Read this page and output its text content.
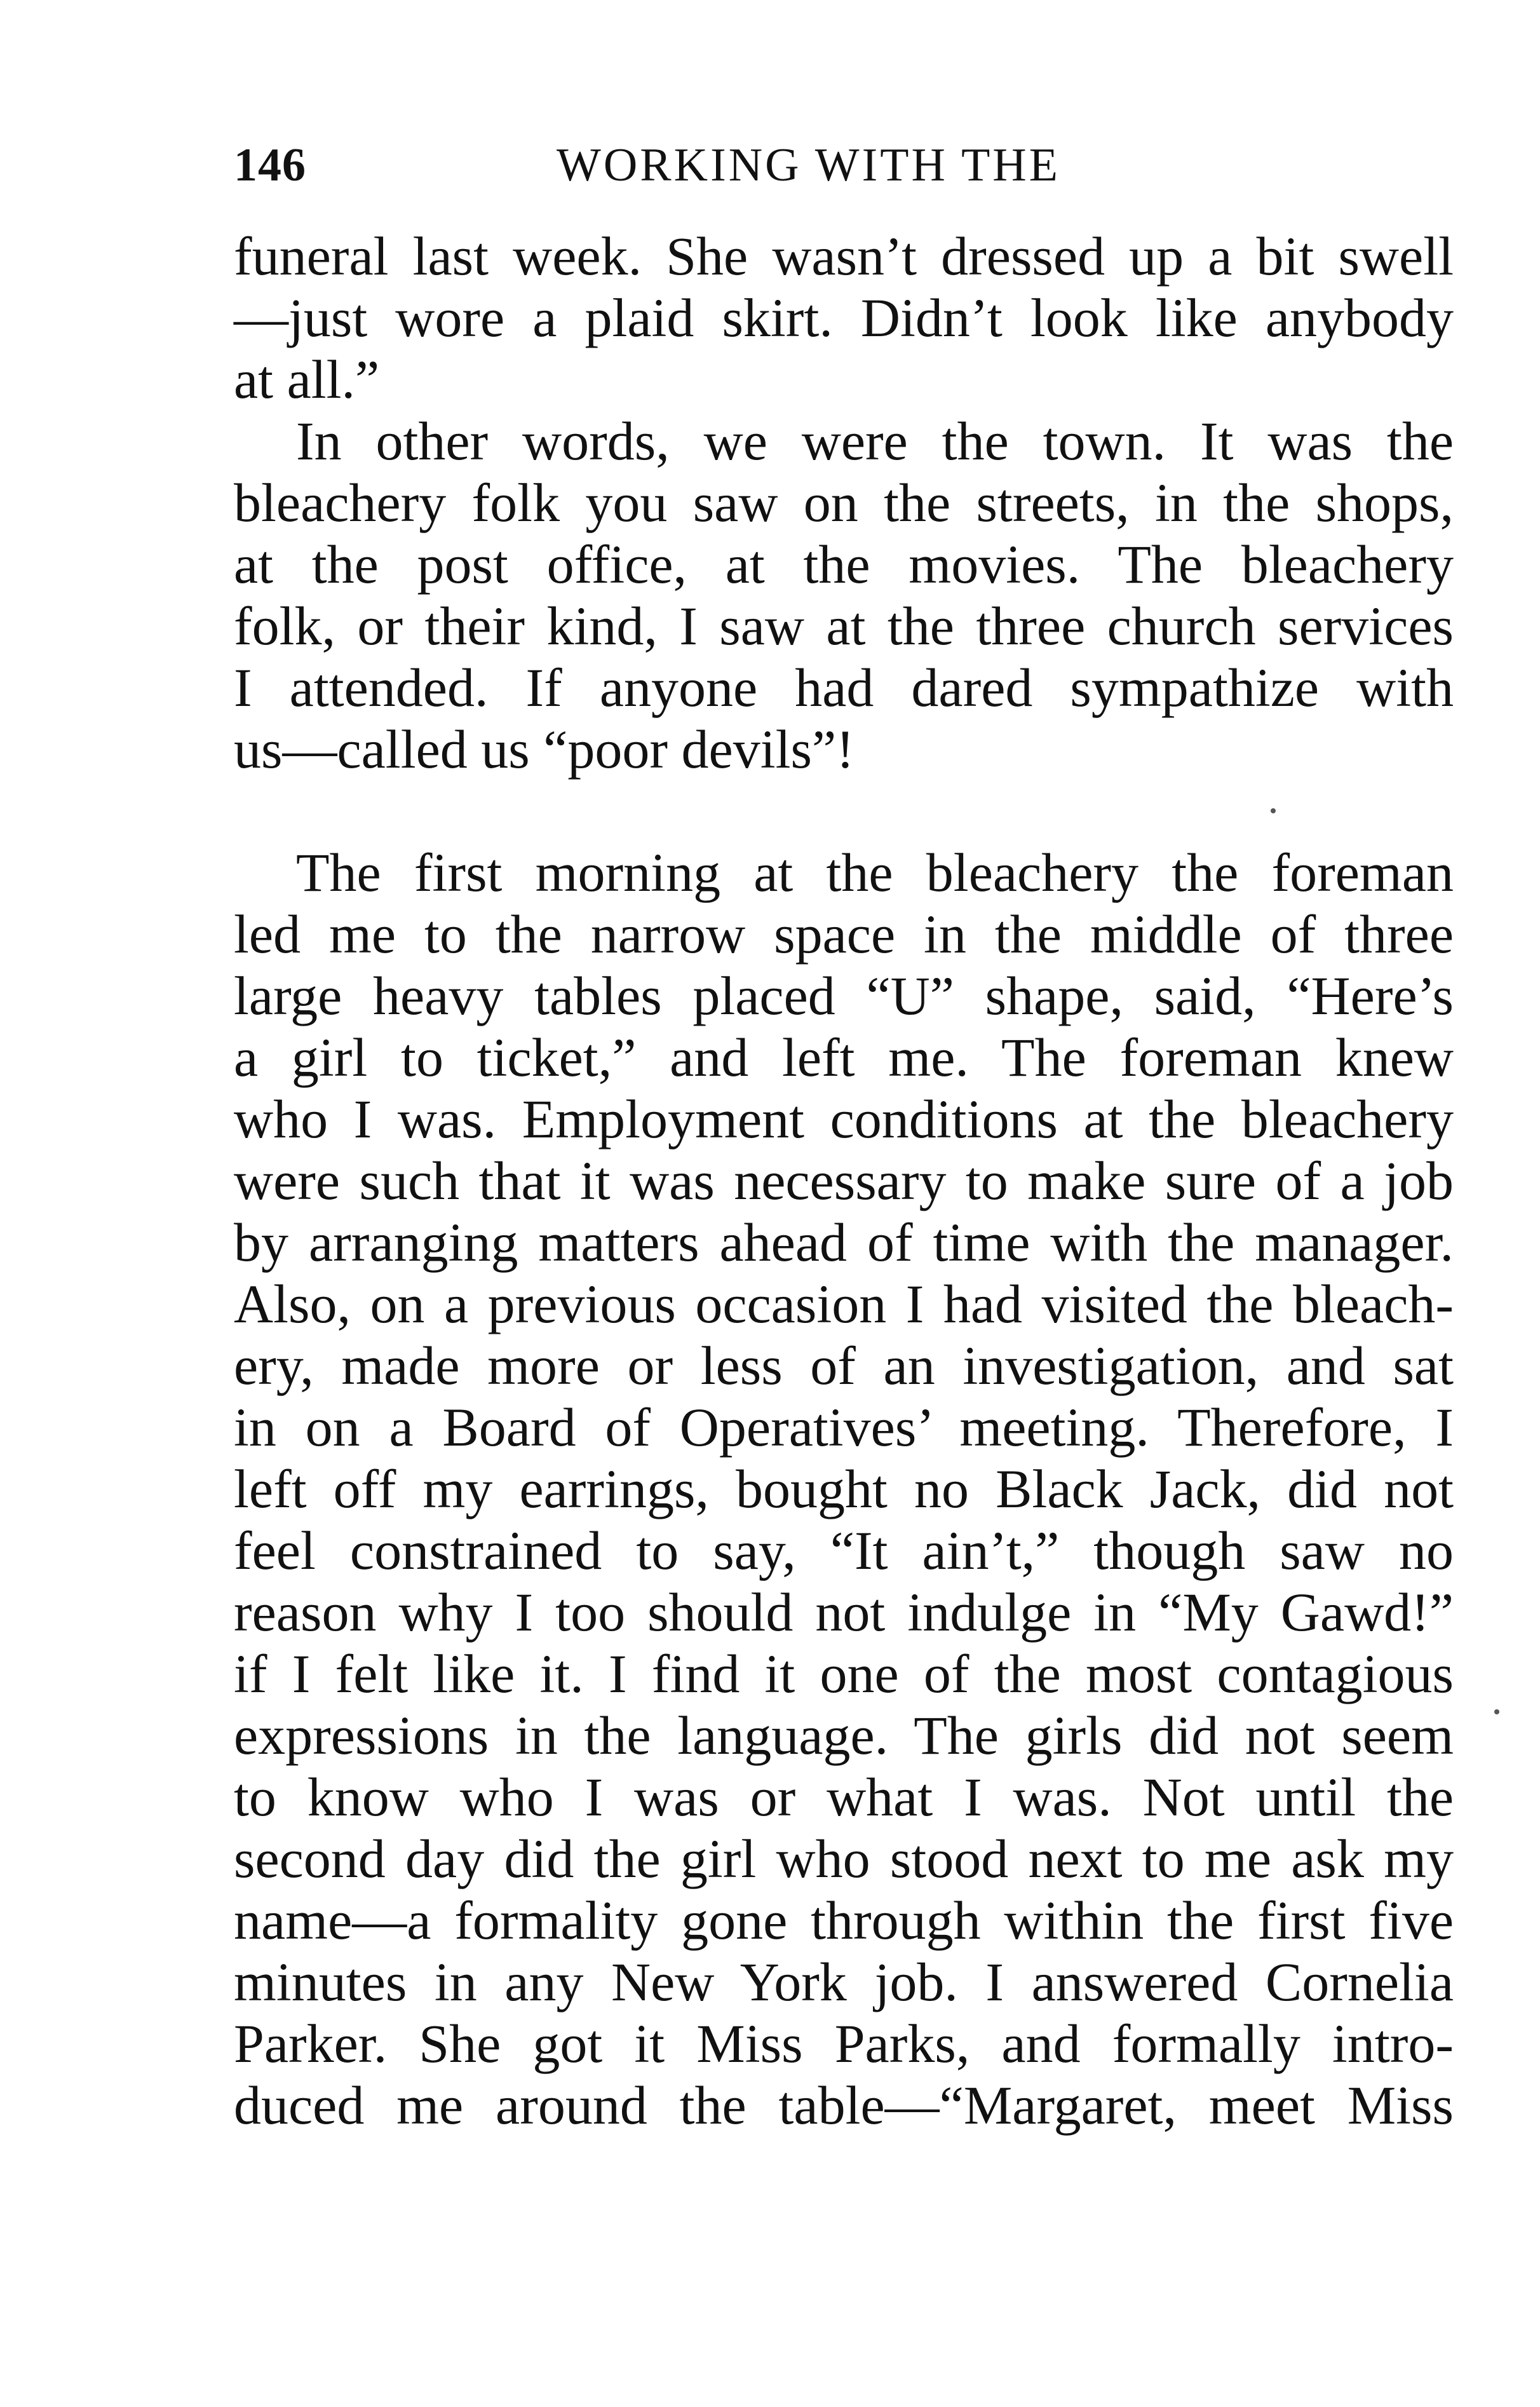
146	WORKING WITH THE
funeral last week. She wasn’t dressed up a bit swell
—just wore a plaid skirt. Didn’t look like anybody
at all.”
In other words, we were the town. It was the
bleachery folk you saw on the streets, in the shops,
at the post office, at the movies. The bleachery
folk, or their kind, I saw at the three church services
I attended. If anyone had dared sympathize with
us—called us “poor devils”!
The first morning at the bleachery the foreman
led me to the narrow space in the middle of three
large heavy tables placed “U” shape, said, “Here’s
a girl to ticket,” and left me. The foreman knew
who I was. Employment conditions at the bleachery
were such that it was necessary to make sure of a job
by arranging matters ahead of time with the manager.
Also, on a previous occasion I had visited the bleach-
ery, made more or less of an investigation, and sat
in on a Board of Operatives’ meeting. Therefore, I
left off my earrings, bought no Black Jack, did not
feel constrained to say, “It ain’t,” though saw no
reason why I too should not indulge in “My Gawd!”
if I felt like it. I find it one of the most contagious
expressions in the language. The girls did not seem
to know who I was or what I was. Not until the
second day did the girl who stood next to me ask my
name—a formality gone through within the first five
minutes in any New York job. I answered Cornelia
Parker. She got it Miss Parks, and formally intro-
duced me around the table—“Margaret, meet Miss
